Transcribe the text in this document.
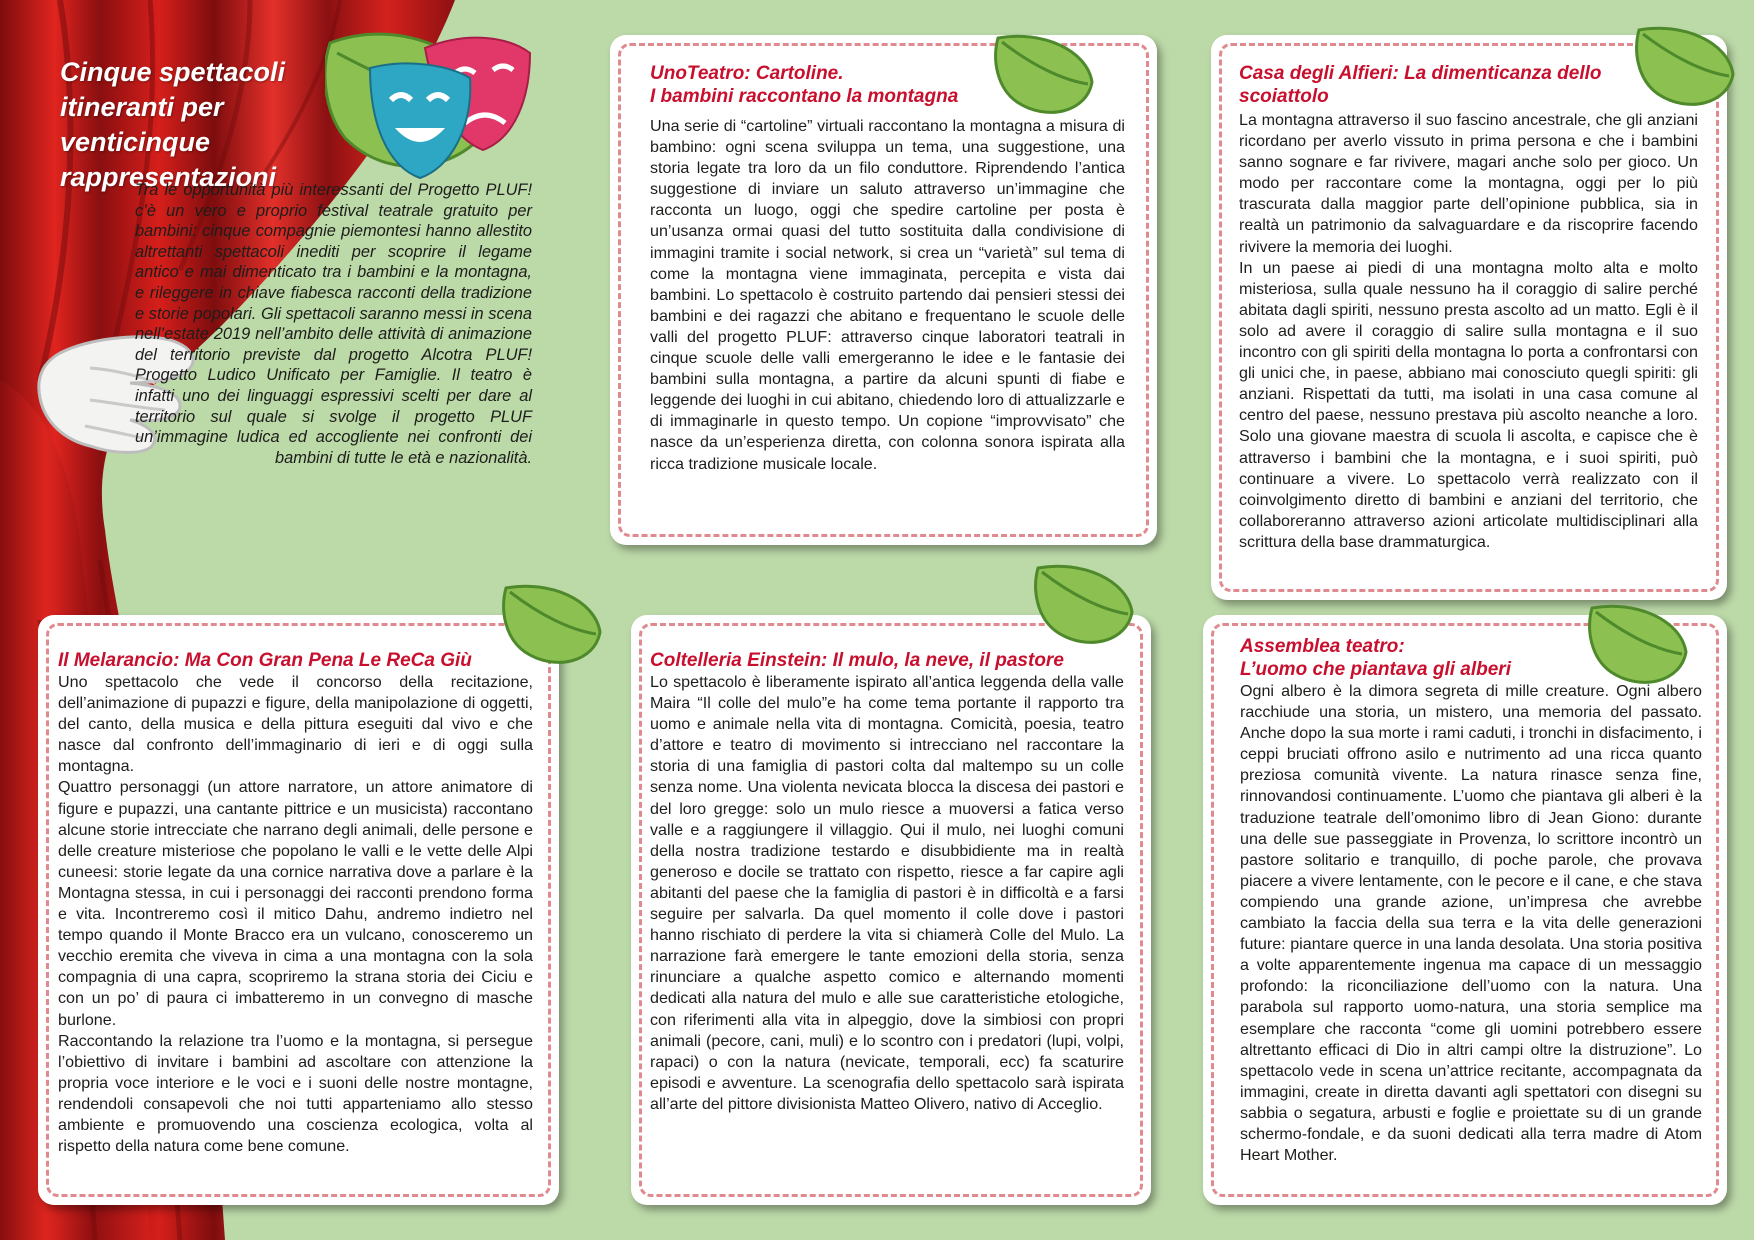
Cinque spettacoli
itineranti per
venticinque
rappresentazioni

Tra le opportunità più interessanti del Progetto PLUF! c’è un vero e proprio festival teatrale gratuito per bambini: cinque compagnie piemontesi hanno allestito altrettanti spettacoli inediti per scoprire il legame antico e mai dimenticato tra i bambini e la montagna, e rileggere in chiave fiabesca racconti della tradizione e storie popolari. Gli spettacoli saranno messi in scena nell’estate 2019 nell’ambito delle attività di animazione del territorio previste dal progetto Alcotra PLUF! Progetto Ludico Unificato per Famiglie. Il teatro è infatti uno dei linguaggi espressivi scelti per dare al territorio sul quale si svolge il progetto PLUF un’immagine ludica ed accogliente nei confronti dei bambini di tutte le età e nazionalità.

UnoTeatro: Cartoline.
I bambini raccontano la montagna

Una serie di “cartoline” virtuali raccontano la montagna a misura di bambino: ogni scena sviluppa un tema, una suggestione, una storia legate tra loro da un filo conduttore. Riprendendo l’antica suggestione di inviare un saluto attraverso un’immagine che racconta un luogo, oggi che spedire cartoline per posta è un’usanza ormai quasi del tutto sostituita dalla condivisione di immagini tramite i social network, si crea un “varietà” sul tema di come la montagna viene immaginata, percepita e vista dai bambini. Lo spettacolo è costruito partendo dai pensieri stessi dei bambini e dei ragazzi che abitano e frequentano le scuole delle valli del progetto PLUF: attraverso cinque laboratori teatrali in cinque scuole delle valli emergeranno le idee e le fantasie dei bambini sulla montagna, a partire da alcuni spunti di fiabe e leggende dei luoghi in cui abitano, chiedendo loro di attualizzarle e di immaginarle in questo tempo. Un copione “improvvisato” che nasce da un’esperienza diretta, con colonna sonora ispirata alla ricca tradizione musicale locale.

Casa degli Alfieri: La dimenticanza dello scoiattolo

La montagna attraverso il suo fascino ancestrale, che gli anziani ricordano per averlo vissuto in prima persona e che i bambini sanno sognare e far rivivere, magari anche solo per gioco. Un modo per raccontare come la montagna, oggi per lo più trascurata dalla maggior parte dell’opinione pubblica, sia in realtà un patrimonio da salvaguardare e da riscoprire facendo rivivere la memoria dei luoghi.

In un paese ai piedi di una montagna molto alta e molto misteriosa, sulla quale nessuno ha il coraggio di salire perché abitata dagli spiriti, nessuno presta ascolto ad un matto. Egli è il solo ad avere il coraggio di salire sulla montagna e il suo incontro con gli spiriti della montagna lo porta a confrontarsi con gli unici che, in paese, abbiano mai conosciuto quegli spiriti: gli anziani. Rispettati da tutti, ma isolati in una casa comune al centro del paese, nessuno prestava più ascolto neanche a loro. Solo una giovane maestra di scuola li ascolta, e capisce che è attraverso i bambini che la montagna, e i suoi spiriti, può continuare a vivere. Lo spettacolo verrà realizzato con il coinvolgimento diretto di bambini e anziani del territorio, che collaboreranno attraverso azioni articolate multidisciplinari alla scrittura della base drammaturgica.

Il Melarancio: Ma Con Gran Pena Le ReCa Giù

Uno spettacolo che vede il concorso della recitazione, dell’animazione di pupazzi e figure, della manipolazione di oggetti, del canto, della musica e della pittura eseguiti dal vivo e che nasce dal confronto dell’immaginario di ieri e di oggi sulla montagna.

Quattro personaggi (un attore narratore, un attore animatore di figure e pupazzi, una cantante pittrice e un musicista) raccontano alcune storie intrecciate che narrano degli animali, delle persone e delle creature misteriose che popolano le valli e le vette delle Alpi cuneesi: storie legate da una cornice narrativa dove a parlare è la Montagna stessa, in cui i personaggi dei racconti prendono forma e vita. Incontreremo così il mitico Dahu, andremo indietro nel tempo quando il Monte Bracco era un vulcano, conosceremo un vecchio eremita che viveva in cima a una montagna con la sola compagnia di una capra, scopriremo la strana storia dei Ciciu e con un po’ di paura ci imbatteremo in un convegno di masche burlone.

Raccontando la relazione tra l’uomo e la montagna, si persegue l’obiettivo di invitare i bambini ad ascoltare con attenzione la propria voce interiore e le voci e i suoni delle nostre montagne, rendendoli consapevoli che noi tutti apparteniamo allo stesso ambiente e promuovendo una coscienza ecologica, volta al rispetto della natura come bene comune.

Coltelleria Einstein: Il mulo, la neve, il pastore

Lo spettacolo è liberamente ispirato all’antica leggenda della valle Maira “Il colle del mulo”e ha come tema portante il rapporto tra uomo e animale nella vita di montagna. Comicità, poesia, teatro d’attore e teatro di movimento si intrecciano nel raccontare la storia di una famiglia di pastori colta dal maltempo su un colle senza nome. Una violenta nevicata blocca la discesa dei pastori e del loro gregge: solo un mulo riesce a muoversi a fatica verso valle e a raggiungere il villaggio. Qui il mulo, nei luoghi comuni della nostra tradizione testardo e disubbidiente ma in realtà generoso e docile se trattato con rispetto, riesce a far capire agli abitanti del paese che la famiglia di pastori è in difficoltà e a farsi seguire per salvarla. Da quel momento il colle dove i pastori hanno rischiato di perdere la vita si chiamerà Colle del Mulo. La narrazione farà emergere le tante emozioni della storia, senza rinunciare a qualche aspetto comico e alternando momenti dedicati alla natura del mulo e alle sue caratteristiche etologiche, con riferimenti alla vita in alpeggio, dove la simbiosi con propri animali (pecore, cani, muli) e lo scontro con i predatori (lupi, volpi, rapaci) o con la natura (nevicate, temporali, ecc) fa scaturire episodi e avventure. La scenografia dello spettacolo sarà ispirata all’arte del pittore divisionista Matteo Olivero, nativo di Acceglio.

Assemblea teatro:
L’uomo che piantava gli alberi

Ogni albero è la dimora segreta di mille creature. Ogni albero racchiude una storia, un mistero, una memoria del passato. Anche dopo la sua morte i rami caduti, i tronchi in disfacimento, i ceppi bruciati offrono asilo e nutrimento ad una ricca quanto preziosa comunità vivente. La natura rinasce senza fine, rinnovandosi continuamente. L’uomo che piantava gli alberi è la traduzione teatrale dell’omonimo libro di Jean Giono: durante una delle sue passeggiate in Provenza, lo scrittore incontrò un pastore solitario e tranquillo, di poche parole, che provava piacere a vivere lentamente, con le pecore e il cane, e che stava compiendo una grande azione, un’impresa che avrebbe cambiato la faccia della sua terra e la vita delle generazioni future: piantare querce in una landa desolata. Una storia positiva a volte apparentemente ingenua ma capace di un messaggio profondo: la riconciliazione dell’uomo con la natura. Una parabola sul rapporto uomo-natura, una storia semplice ma esemplare che racconta “come gli uomini potrebbero essere altrettanto efficaci di Dio in altri campi oltre la distruzione”. Lo spettacolo vede in scena un’attrice recitante, accompagnata da immagini, create in diretta davanti agli spettatori con disegni su sabbia o segatura, arbusti e foglie e proiettate su di un grande schermo-fondale, e da suoni dedicati alla terra madre di Atom Heart Mother.
